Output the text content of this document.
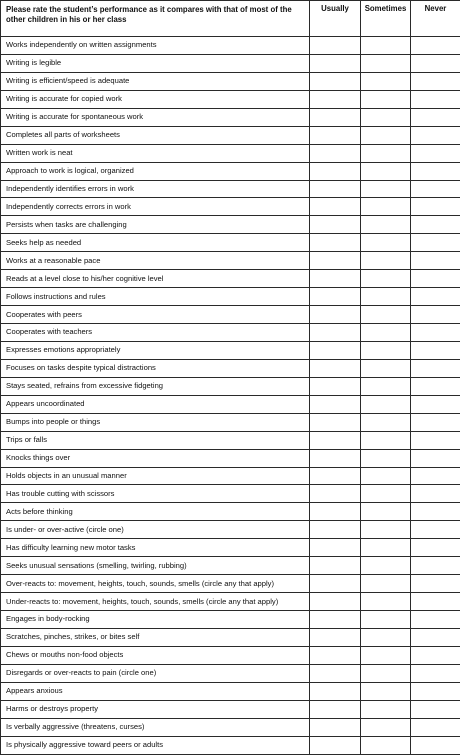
Please rate the student’s performance as it compares with that of most of the other children in his or her class	Usually	Sometimes	Never
Works independently on written assignments			
Writing is legible			
Writing is efficient/speed is adequate			
Writing is accurate for copied work			
Writing is accurate for spontaneous work			
Completes all parts of worksheets			
Written work is neat			
Approach to work is logical, organized			
Independently identifies errors in work			
Independently corrects errors in work			
Persists when tasks are challenging			
Seeks help as needed			
Works at a reasonable pace			
Reads at a level close to his/her cognitive level			
Follows instructions and rules			
Cooperates with peers			
Cooperates with teachers			
Expresses emotions appropriately			
Focuses on tasks despite typical distractions			
Stays seated, refrains from excessive fidgeting			
Appears uncoordinated			
Bumps into people or things			
Trips or falls			
Knocks things over			
Holds objects in an unusual manner			
Has trouble cutting with scissors			
Acts before thinking			
Is under- or over-active (circle one)			
Has difficulty learning new motor tasks			
Seeks unusual sensations (smelling, twirling, rubbing)			
Over-reacts to: movement, heights, touch, sounds, smells (circle any that apply)			
Under-reacts to: movement, heights, touch, sounds, smells (circle any that apply)			
Engages in body-rocking			
Scratches, pinches, strikes, or bites self			
Chews or mouths non-food objects			
Disregards or over-reacts to pain (circle one)			
Appears anxious			
Harms or destroys property			
Is verbally aggressive (threatens, curses)			
Is physically aggressive toward peers or adults			
